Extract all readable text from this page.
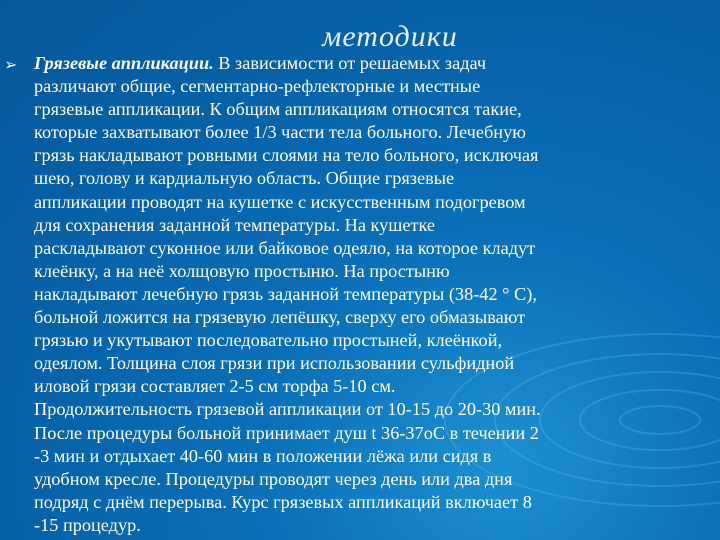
методики
➢ Грязевые аппликации. В зависимости от решаемых задач
различают общие, сегментарно-рефлекторные и местные
грязевые аппликации. К общим аппликациям относятся такие,
которые захватывают более 1/3 части тела больного. Лечебную
грязь накладывают ровными слоями на тело больного, исключая
шею, голову и кардиальную область. Общие грязевые
аппликации проводят на кушетке с искусственным подогревом
для сохранения заданной температуры. На кушетке
раскладывают суконное или байковое одеяло, на которое кладут
клеёнку, а на неё холщовую простыню. На простыню
накладывают лечебную грязь заданной температуры (38-42 ° С),
больной ложится на грязевую лепёшку, сверху его обмазывают
грязью и укутывают последовательно простыней, клеёнкой,
одеялом. Толщина слоя грязи при использовании сульфидной
иловой грязи составляет 2-5 см торфа 5-10 см.
Продолжительность грязевой аппликации от 10-15 до 20-30 мин.
После процедуры больной принимает душ t 36-37оС в течении 2
-3 мин и отдыхает 40-60 мин в положении лёжа или сидя в
удобном кресле. Процедуры проводят через день или два дня
подряд с днём перерыва. Курс грязевых аппликаций включает 8
-15 процедур.
